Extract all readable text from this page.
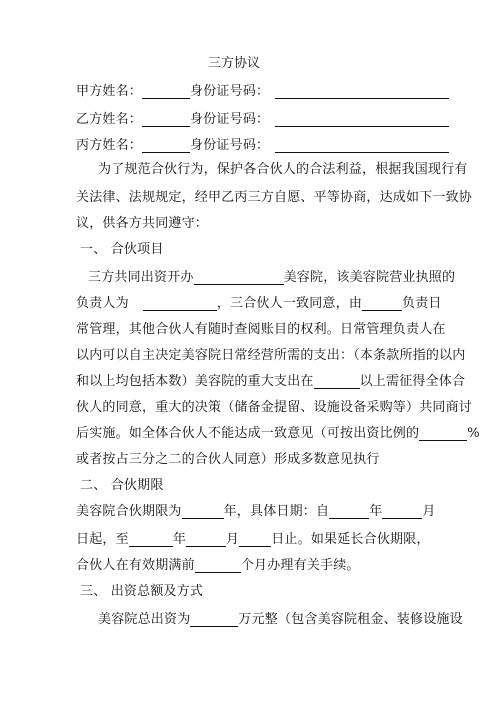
三方协议
甲方姓名：	身份证号码：
乙方姓名：	身份证号码：
丙方姓名：	身份证号码：
为了规范合伙行为，保护各合伙人的合法利益，根据我国现行有
关法律、法规规定，经甲乙丙三方自愿、平等协商，达成如下一致协
议，供各方共同遵守：
一、 合伙项目
三方共同出资开办	美容院，该美容院营业执照的
负责人为	，三合伙人一致同意，由	负责日
常管理，其他合伙人有随时查阅账目的权利。日常管理负责人在
以内可以自主决定美容院日常经营所需的支出：（本条款所指的以内
和以上均包括本数）美容院的重大支出在	以上需征得全体合
伙人的同意，重大的决策（储备金提留、设施设备采购等）共同商讨
后实施。如全体合伙人不能达成一致意见（可按出资比例的	%
或者按占三分之二的合伙人同意）形成多数意见执行
二、 合伙期限
美容院合伙期限为	年，具体日期：自	年	月
日起，至	年	月 日止。如果延长合伙期限，
合伙人在有效期满前	个月办理有关手续。
三、 出资总额及方式
美容院总出资为	万元整（包含美容院租金、装修设施设
